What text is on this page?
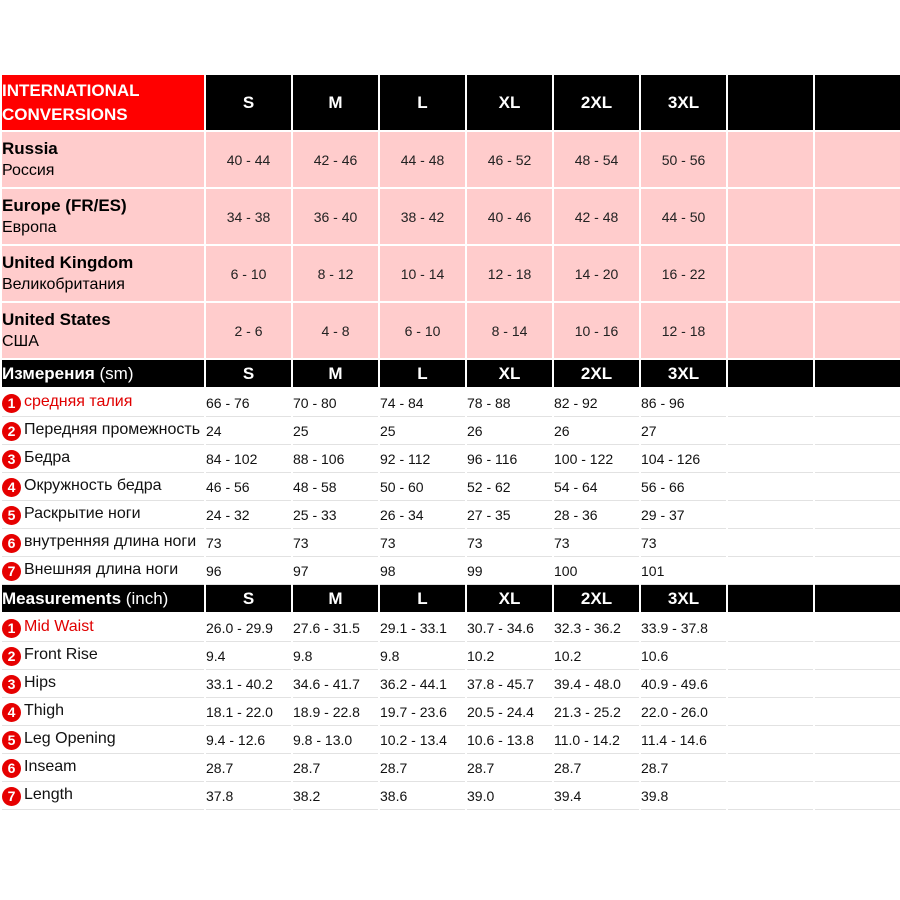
INTERNATIONAL CONVERSIONS	S	M	L	XL	2XL	3XL		

Russia
Россия	40 - 44	42 - 46	44 - 48	46 - 52	48 - 54	50 - 56		

Europe (FR/ES)
Европа	34 - 38	36 - 40	38 - 42	40 - 46	42 - 48	44 - 50		

United Kingdom
Великобритания	6 - 10	8 - 12	10 - 14	12 - 18	14 - 20	16 - 22		

United States
США	2 - 6	4 - 8	6 - 10	8 - 14	10 - 16	12 - 18		
Измерения (sm)	S	M	L	XL	2XL	3XL		
1 средняя талия	66 - 76	70 - 80	74 - 84	78 - 88	82 - 92	86 - 96		
2 Передняя промежность	24	25	25	26	26	27		
3 Бедра	84 - 102	88 - 106	92 - 112	96 - 116	100 - 122	104 - 126		
4 Окружность бедра	46 - 56	48 - 58	50 - 60	52 - 62	54 - 64	56 - 66		
5 Раскрытие ноги	24 - 32	25 - 33	26 - 34	27 - 35	28 - 36	29 - 37		
6 внутренняя длина ноги	73	73	73	73	73	73		
7 Внешняя длина ноги	96	97	98	99	100	101		
Measurements (inch)	S	M	L	XL	2XL	3XL		
1 Mid Waist	26.0 - 29.9	27.6 - 31.5	29.1 - 33.1	30.7 - 34.6	32.3 - 36.2	33.9 - 37.8		
2 Front Rise	9.4	9.8	9.8	10.2	10.2	10.6		
3 Hips	33.1 - 40.2	34.6 - 41.7	36.2 - 44.1	37.8 - 45.7	39.4 - 48.0	40.9 - 49.6		
4 Thigh	18.1 - 22.0	18.9 - 22.8	19.7 - 23.6	20.5 - 24.4	21.3 - 25.2	22.0 - 26.0		
5 Leg Opening	9.4 - 12.6	9.8 - 13.0	10.2 - 13.4	10.6 - 13.8	11.0 - 14.2	11.4 - 14.6		
6 Inseam	28.7	28.7	28.7	28.7	28.7	28.7		
7 Length	37.8	38.2	38.6	39.0	39.4	39.8		
